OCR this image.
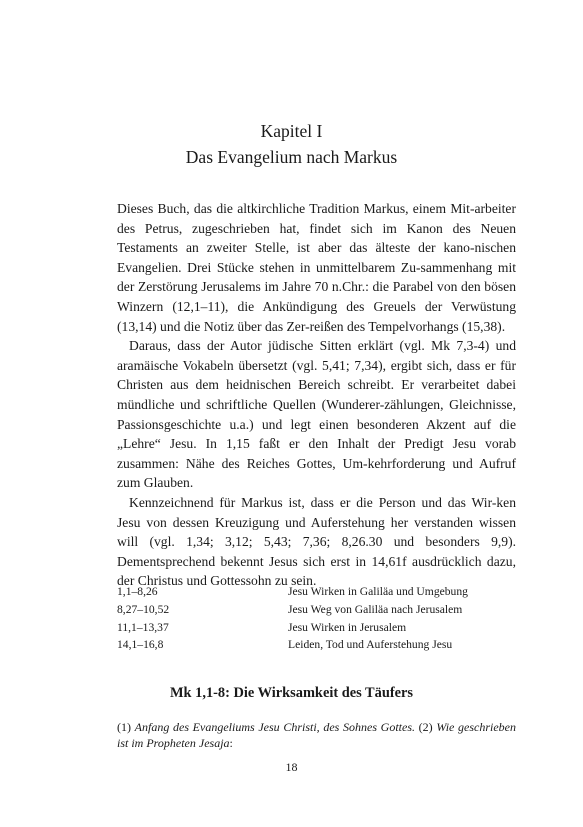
Kapitel I
Das Evangelium nach Markus

Dieses Buch, das die altkirchliche Tradition Markus, einem Mit-arbeiter des Petrus, zugeschrieben hat, findet sich im Kanon des Neuen Testaments an zweiter Stelle, ist aber das älteste der kano-nischen Evangelien. Drei Stücke stehen in unmittelbarem Zu-sammenhang mit der Zerstörung Jerusalems im Jahre 70 n.Chr.: die Parabel von den bösen Winzern (12,1–11), die Ankündigung des Greuels der Verwüstung (13,14) und die Notiz über das Zer-reißen des Tempelvorhangs (15,38).

Daraus, dass der Autor jüdische Sitten erklärt (vgl. Mk 7,3-4) und aramäische Vokabeln übersetzt (vgl. 5,41; 7,34), ergibt sich, dass er für Christen aus dem heidnischen Bereich schreibt. Er verarbeitet dabei mündliche und schriftliche Quellen (Wunderer-zählungen, Gleichnisse, Passionsgeschichte u.a.) und legt einen besonderen Akzent auf die „Lehre“ Jesu. In 1,15 faßt er den Inhalt der Predigt Jesu vorab zusammen: Nähe des Reiches Gottes, Um-kehrforderung und Aufruf zum Glauben.

Kennzeichnend für Markus ist, dass er die Person und das Wir-ken Jesu von dessen Kreuzigung und Auferstehung her verstanden wissen will (vgl. 1,34; 3,12; 5,43; 7,36; 8,26.30 und besonders 9,9). Dementsprechend bekennt Jesus sich erst in 14,61f ausdrücklich dazu, der Christus und Gottessohn zu sein.

1,1–8,26	Jesu Wirken in Galiläa und Umgebung
8,27–10,52	Jesu Weg von Galiläa nach Jerusalem
11,1–13,37	Jesu Wirken in Jerusalem
14,1–16,8	Leiden, Tod und Auferstehung Jesu
Mk 1,1-8: Die Wirksamkeit des Täufers
(1) Anfang des Evangeliums Jesu Christi, des Sohnes Gottes. (2) Wie geschrieben ist im Propheten Jesaja:
18
